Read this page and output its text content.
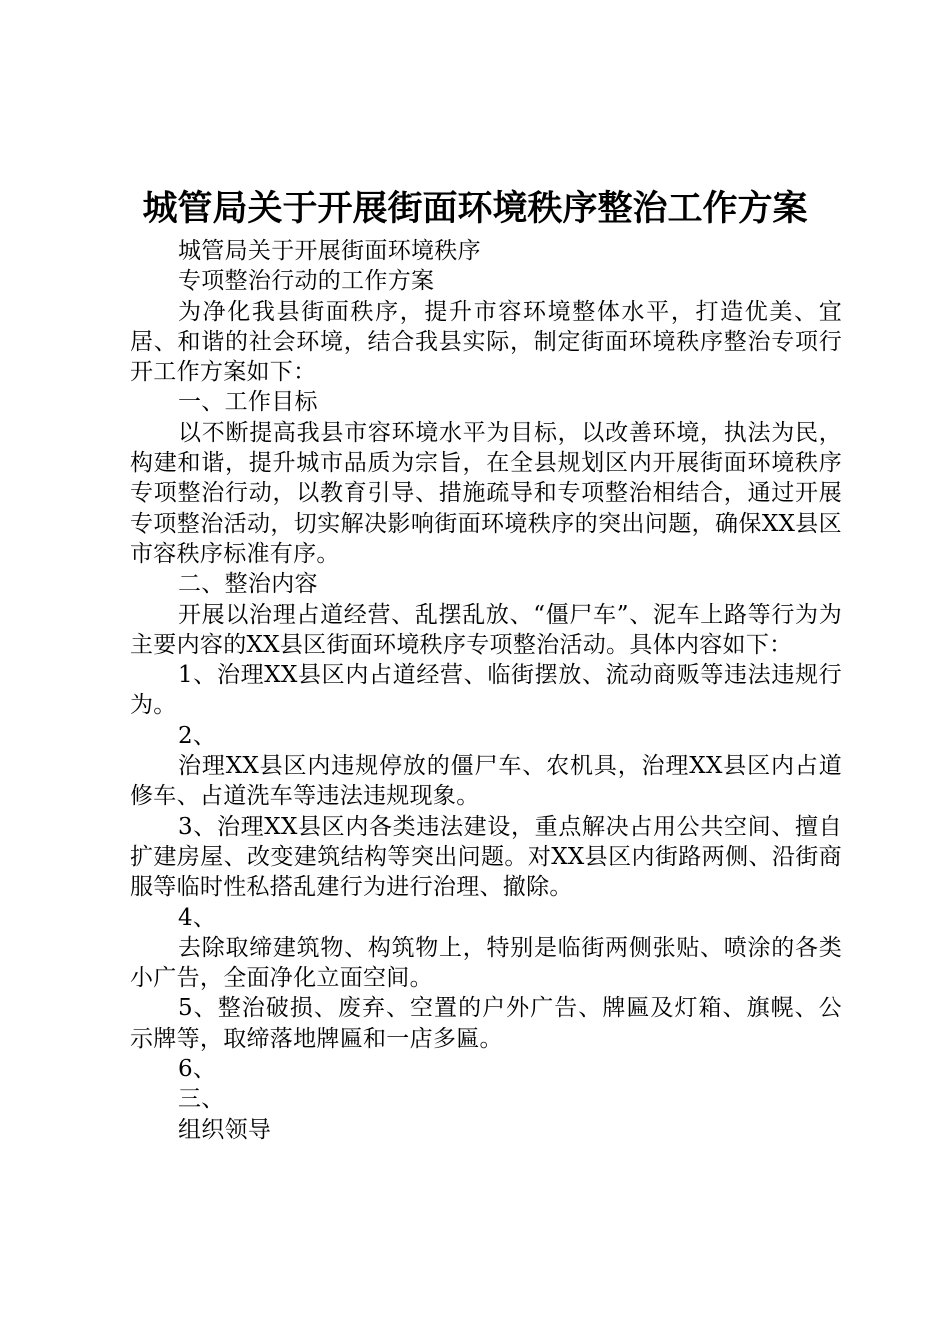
城管局关于开展街面环境秩序整治工作方案

城管局关于开展街面环境秩序

专项整治行动的工作方案

为净化我县街面秩序，提升市容环境整体水平，打造优美、宜居、和谐的社会环境，结合我县实际，制定街面环境秩序整治专项行开工作方案如下：

一、工作目标

以不断提高我县市容环境水平为目标，以改善环境，执法为民，构建和谐，提升城市品质为宗旨，在全县规划区内开展街面环境秩序专项整治行动，以教育引导、措施疏导和专项整治相结合，通过开展专项整治活动，切实解决影响街面环境秩序的突出问题，确保XX县区市容秩序标准有序。

二、整治内容

开展以治理占道经营、乱摆乱放、“僵尸车”、泥车上路等行为为主要内容的XX县区街面环境秩序专项整治活动。具体内容如下：

1、治理XX县区内占道经营、临街摆放、流动商贩等违法违规行为。

2、

治理XX县区内违规停放的僵尸车、农机具，治理XX县区内占道修车、占道洗车等违法违规现象。

3、治理XX县区内各类违法建设，重点解决占用公共空间、擅自扩建房屋、改变建筑结构等突出问题。对XX县区内街路两侧、沿街商服等临时性私搭乱建行为进行治理、撤除。

4、

去除取缔建筑物、构筑物上，特别是临街两侧张贴、喷涂的各类小广告，全面净化立面空间。

5、整治破损、废弃、空置的户外广告、牌匾及灯箱、旗幌、公示牌等，取缔落地牌匾和一店多匾。

6、

三、

组织领导
